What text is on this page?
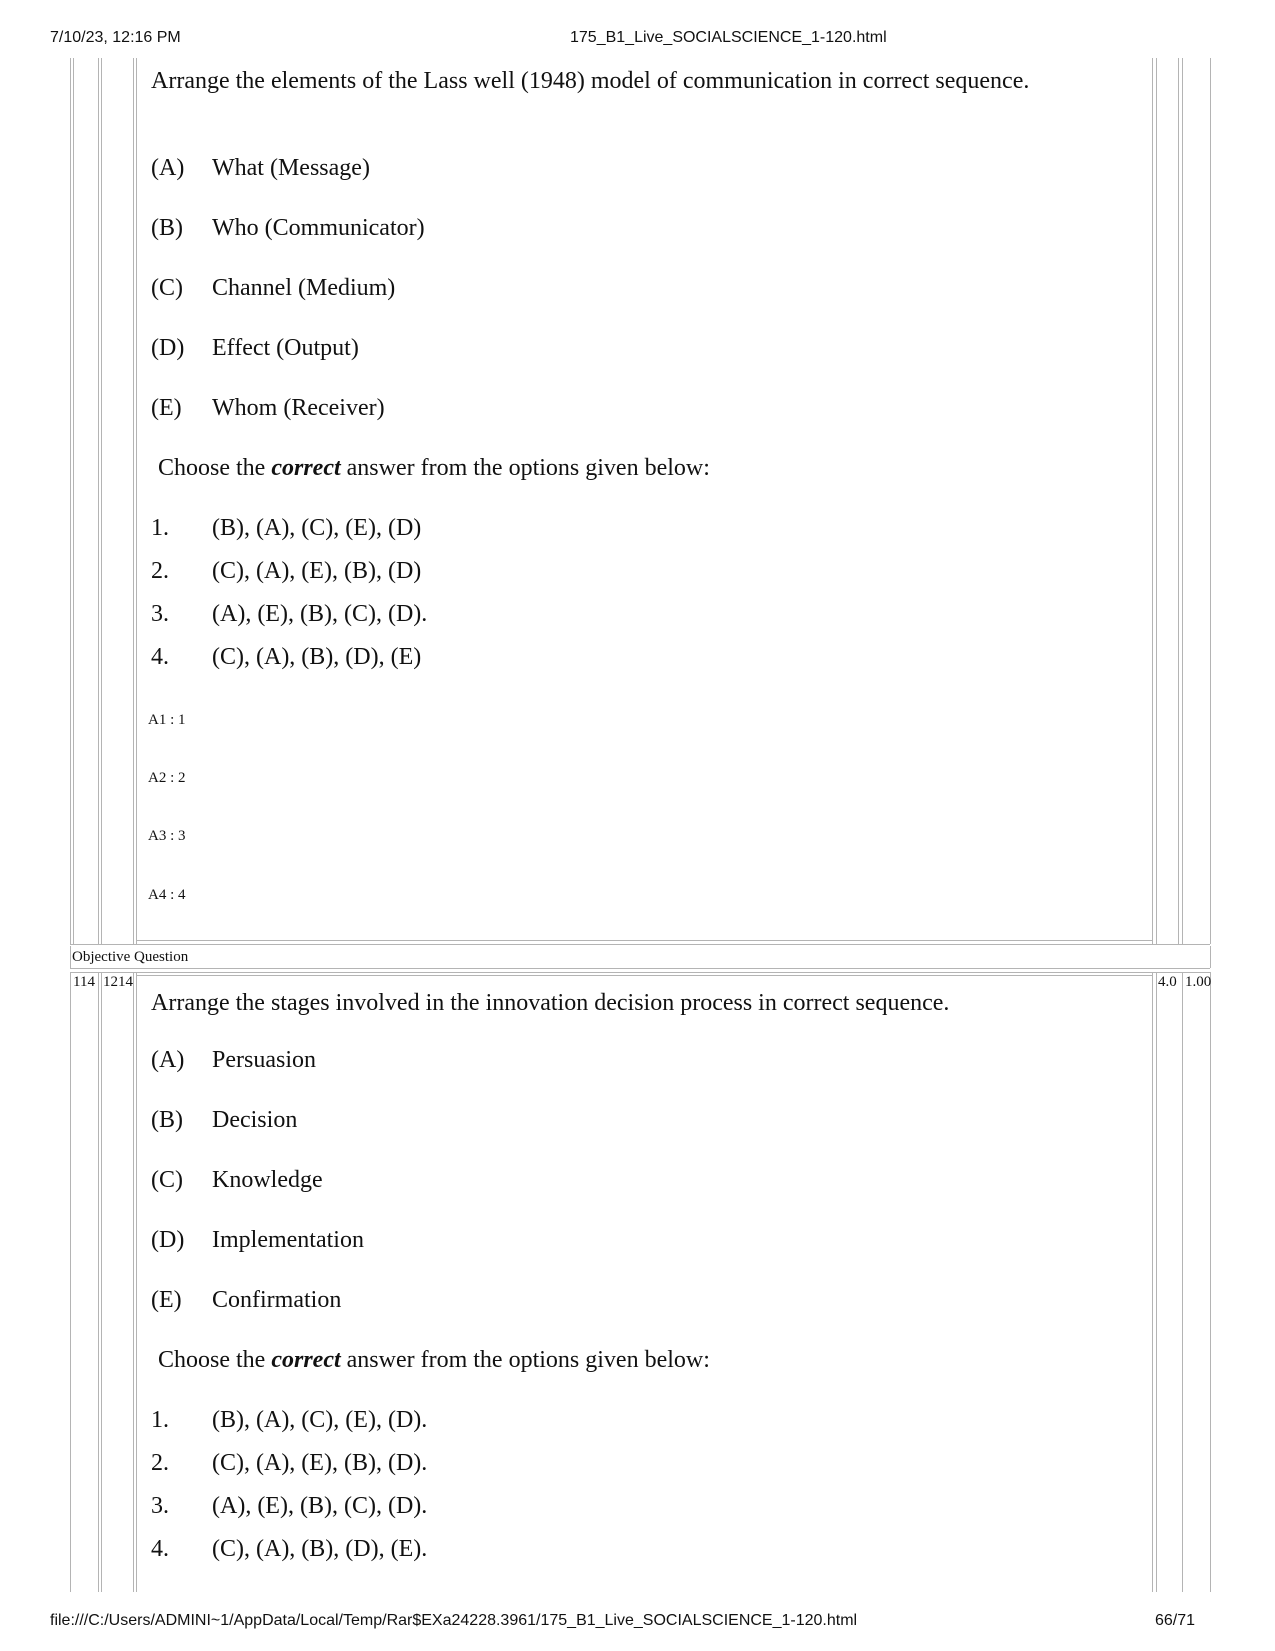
7/10/23, 12:16 PM	175_B1_Live_SOCIALSCIENCE_1-120.html
Arrange the elements of the Lass well (1948) model of communication in correct sequence.
(A) What (Message)
(B) Who (Communicator)
(C) Channel (Medium)
(D) Effect (Output)
(E) Whom (Receiver)
Choose the correct answer from the options given below:
1. (B), (A), (C), (E), (D)
2. (C), (A), (E), (B), (D)
3. (A), (E), (B), (C), (D).
4. (C), (A), (B), (D), (E)
A1 : 1
A2 : 2
A3 : 3
A4 : 4
Objective Question
114 1214	4.0 1.00
Arrange the stages involved in the innovation decision process in correct sequence.
(A) Persuasion
(B) Decision
(C) Knowledge
(D) Implementation
(E) Confirmation
Choose the correct answer from the options given below:
1. (B), (A), (C), (E), (D).
2. (C), (A), (E), (B), (D).
3. (A), (E), (B), (C), (D).
4. (C), (A), (B), (D), (E).
file:///C:/Users/ADMINI~1/AppData/Local/Temp/Rar$EXa24228.3961/175_B1_Live_SOCIALSCIENCE_1-120.html	66/71
